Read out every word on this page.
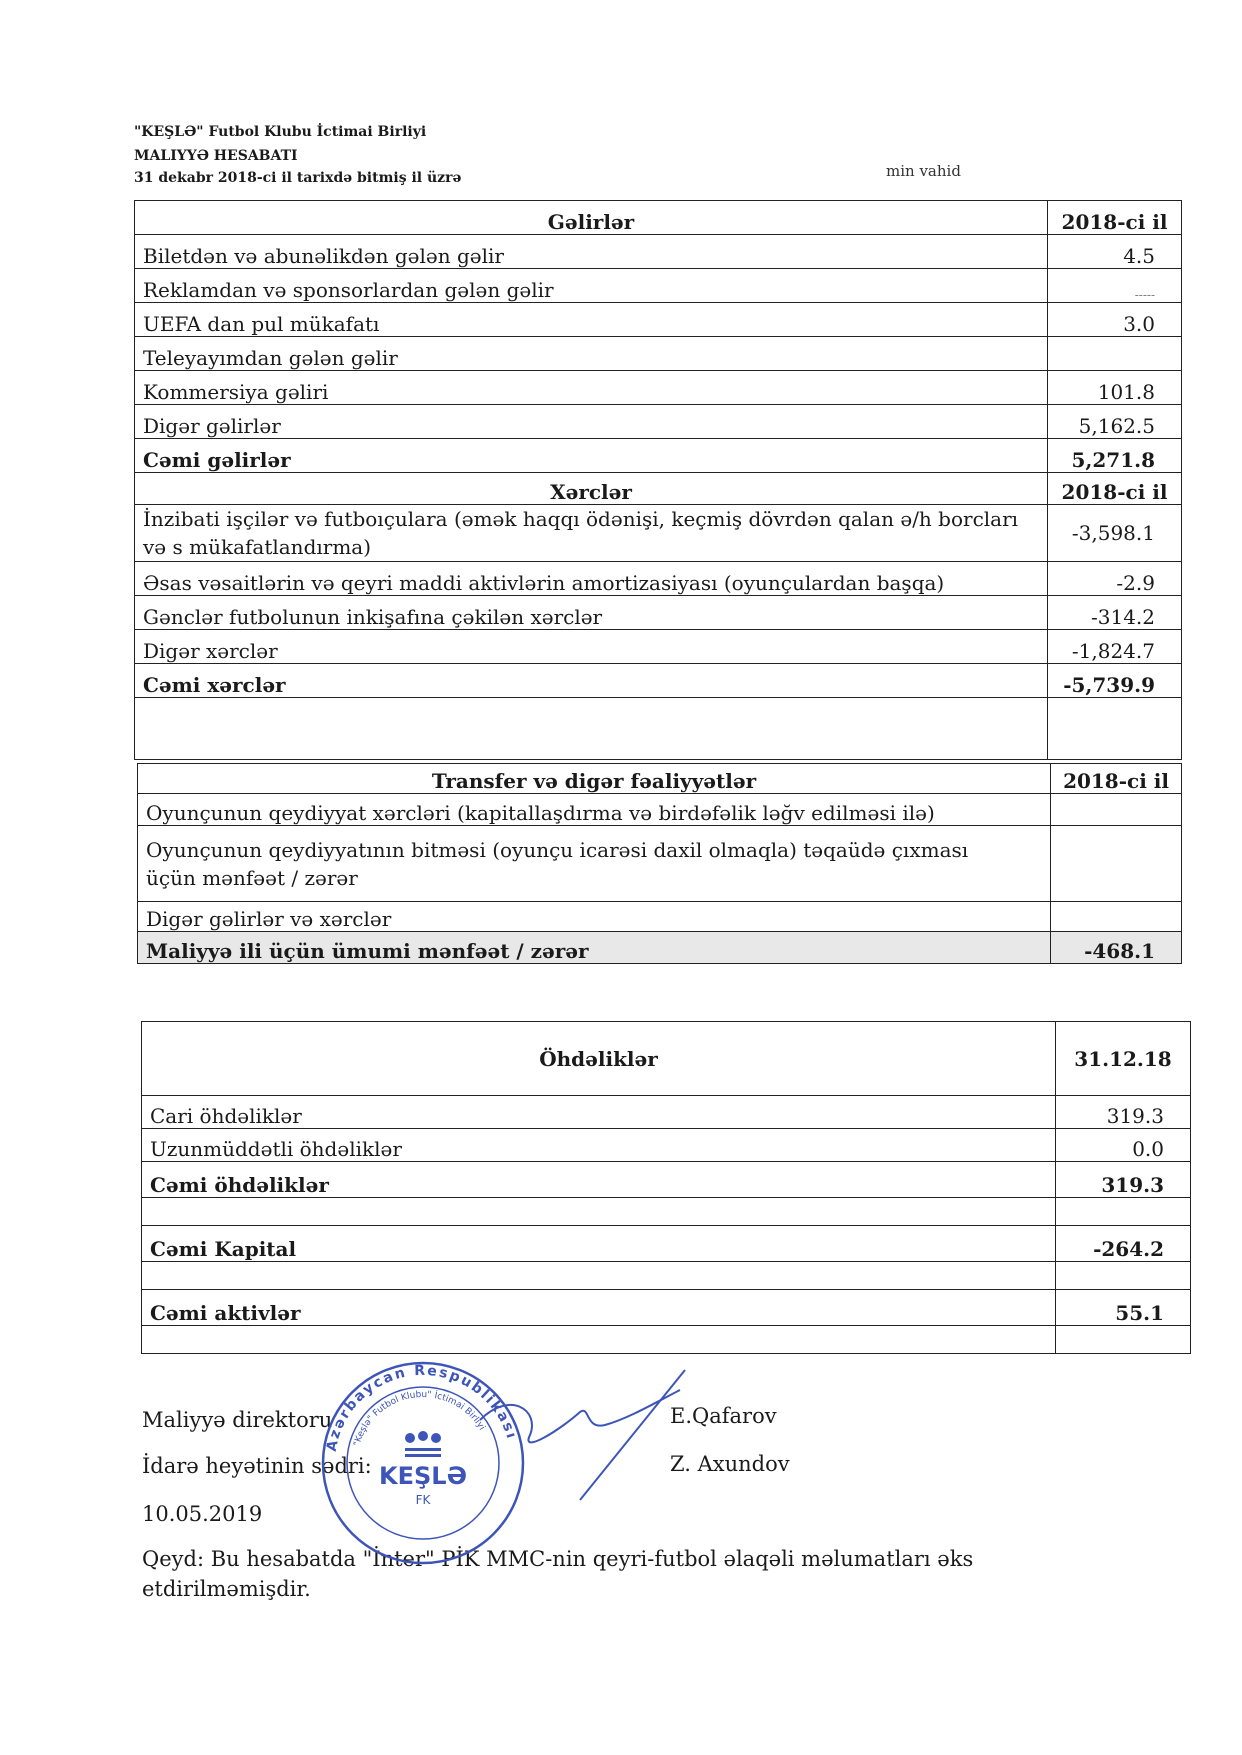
"KEŞLƏ" Futbol Klubu İctimai Birliyi
MALIYYƏ HESABATI
31 dekabr 2018-ci il tarixdə bitmiş il üzrə	min vahid
Gəlirlər	2018-ci il
Biletdən və abunəlikdən gələn gəlir	4.5
Reklamdan və sponsorlardan gələn gəlir	-----
UEFA dan pul mükafatı	3.0
Teleyayımdan gələn gəlir	
Kommersiya gəliri	101.8
Digər gəlirlər	5,162.5
Cəmi gəlirlər	5,271.8
Xərclər	2018-ci il
İnzibati işçilər və futboıçulara (əmək haqqı ödənişi, keçmiş dövrdən qalan ə/h borcları və s mükafatlandırma)	-3,598.1
Əsas vəsaitlərin və qeyri maddi aktivlərin amortizasiyası (oyunçulardan başqa)	-2.9
Gənclər futbolunun inkişafına çəkilən xərclər	-314.2
Digər xərclər	-1,824.7
Cəmi xərclər	-5,739.9

Transfer və digər fəaliyyətlər	2018-ci il
Oyunçunun qeydiyyat xərcləri (kapitallaşdırma və birdəfəlik ləğv edilməsi ilə)	
Oyunçunun qeydiyyatının bitməsi (oyunçu icarəsi daxil olmaqla) təqaüdə çıxması üçün mənfəət / zərər	
Digər gəlirlər və xərclər	
Maliyyə ili üçün ümumi mənfəət / zərər	-468.1
Öhdəliklər	31.12.18
Cari öhdəliklər	319.3
Uzunmüddətli öhdəliklər	0.0
Cəmi öhdəliklər	319.3

Cəmi Kapital	-264.2

Cəmi aktivlər	55.1

Maliyyə direktoru	E.Qafarov
İdarə heyətinin sədri:	Z. Axundov
10.05.2019
Qeyd: Bu hesabatda "İnter" PİK MMC-nin qeyri-futbol əlaqəli məlumatları əks etdirilməmişdir.
Azərbaycan Respublikası
"Keşlə" Futbol Klubu" İctimai Birliyi
KEŞLƏ
FK
